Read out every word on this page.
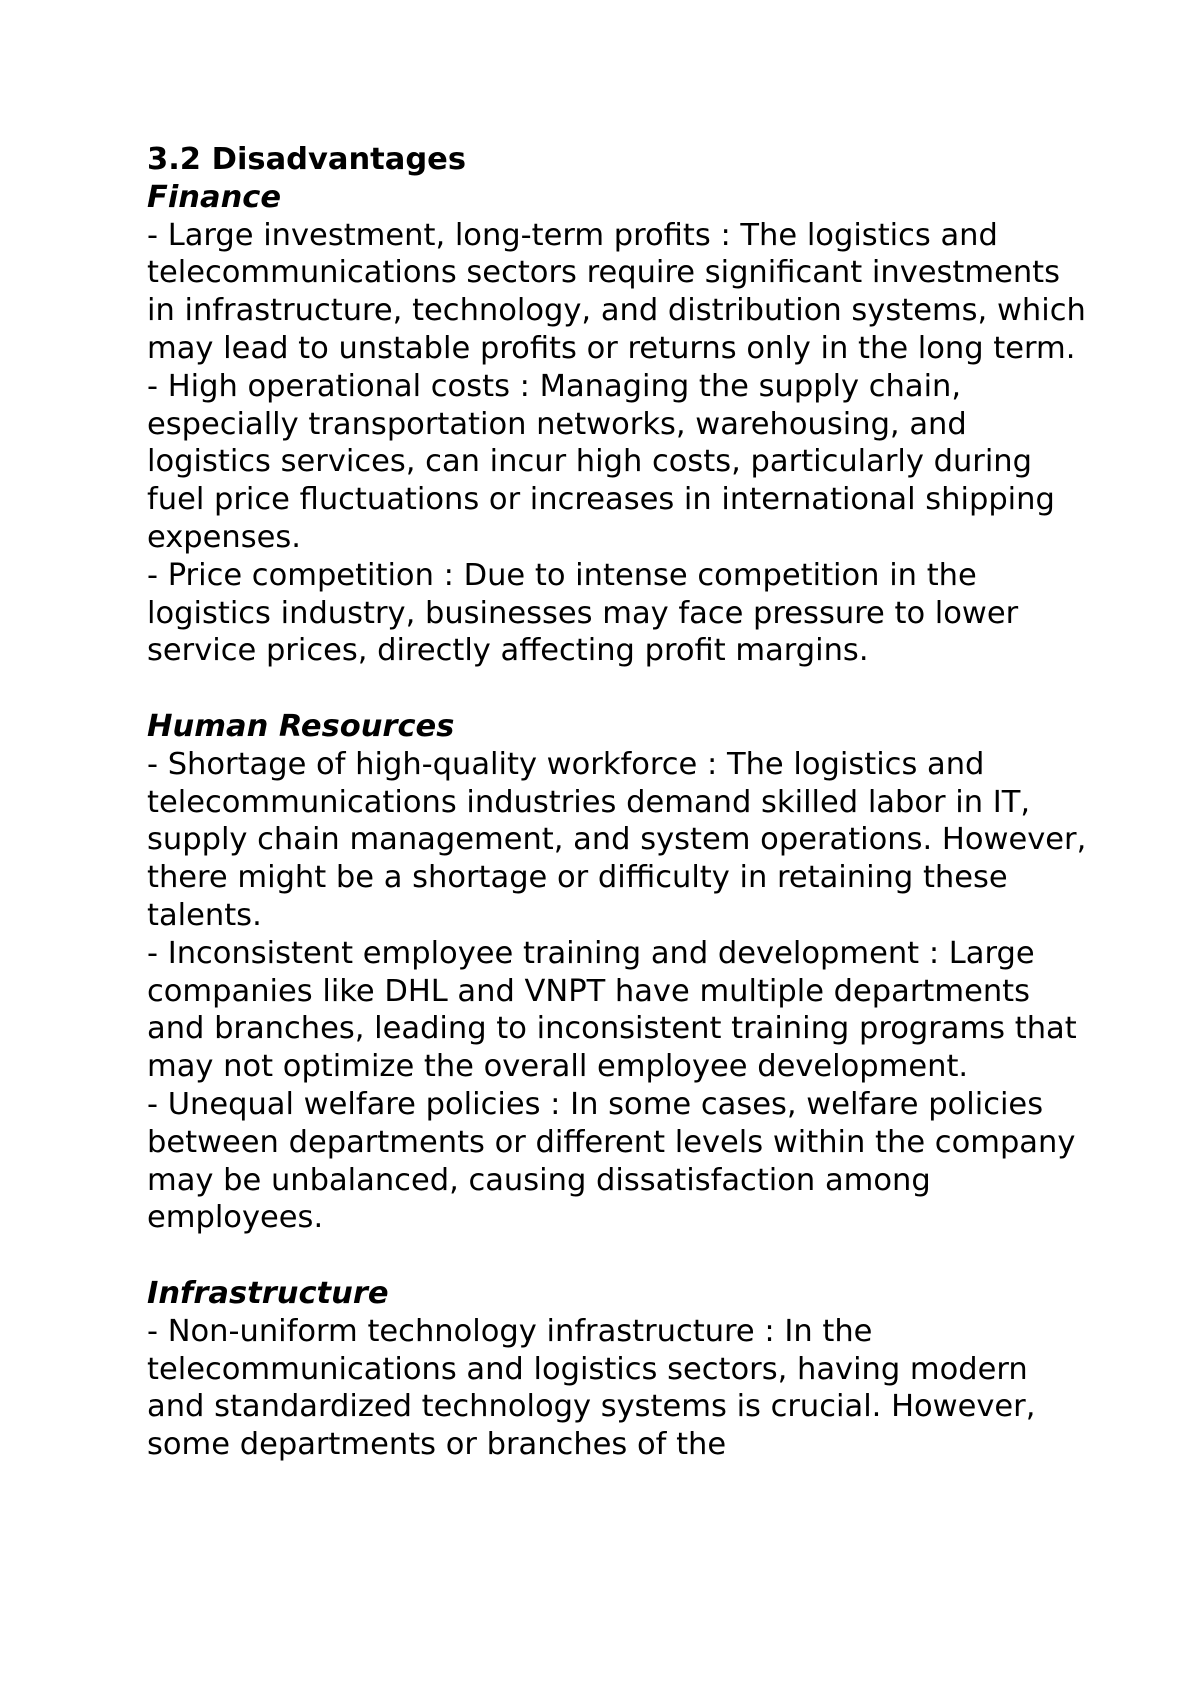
3.2 Disadvantages

Finance

- Large investment, long-term profits : The logistics and telecommunications sectors require significant investments in infrastructure, technology, and distribution systems, which may lead to unstable profits or returns only in the long term.

- High operational costs : Managing the supply chain, especially transportation networks, warehousing, and logistics services, can incur high costs, particularly during fuel price fluctuations or increases in international shipping expenses.

- Price competition : Due to intense competition in the logistics industry, businesses may face pressure to lower service prices, directly affecting profit margins.

Human Resources

- Shortage of high-quality workforce : The logistics and telecommunications industries demand skilled labor in IT, supply chain management, and system operations. However, there might be a shortage or difficulty in retaining these talents.

- Inconsistent employee training and development : Large companies like DHL and VNPT have multiple departments and branches, leading to inconsistent training programs that may not optimize the overall employee development.

- Unequal welfare policies : In some cases, welfare policies between departments or different levels within the company may be unbalanced, causing dissatisfaction among employees.

Infrastructure

- Non-uniform technology infrastructure : In the telecommunications and logistics sectors, having modern and standardized technology systems is crucial. However, some departments or branches of the
